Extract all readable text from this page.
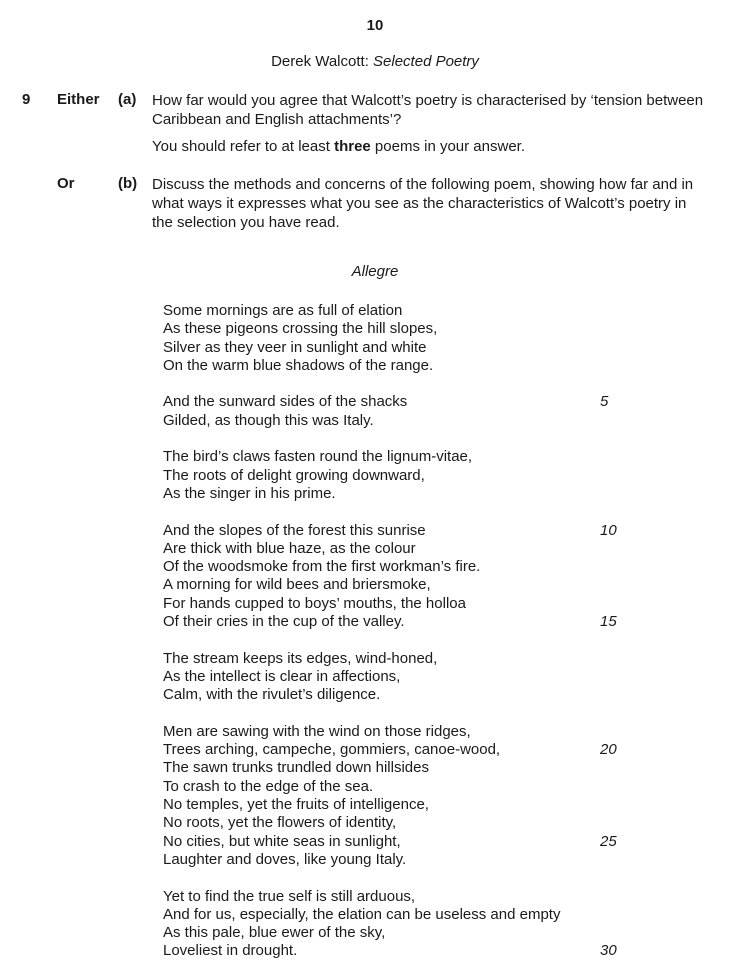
10
Derek Walcott: Selected Poetry
9 Either (a) How far would you agree that Walcott’s poetry is characterised by ‘tension between

Caribbean and English attachments’?

You should refer to at least three poems in your answer.

Or	(b) Discuss the methods and concerns of the following poem, showing how far and in

what ways it expresses what you see as the characteristics of Walcott’s poetry in

the selection you have read.

Allegre
Some mornings are as full of elation
As these pigeons crossing the hill slopes,
Silver as they veer in sunlight and white
On the warm blue shadows of the range.
And the sunward sides of the shacks	5
Gilded, as though this was Italy.
The bird’s claws fasten round the lignum-vitae,
The roots of delight growing downward,
As the singer in his prime.
And the slopes of the forest this sunrise	10
Are thick with blue haze, as the colour
Of the woodsmoke from the first workman’s fire.
A morning for wild bees and briersmoke,
For hands cupped to boys’ mouths, the holloa
Of their cries in the cup of the valley.	15
The stream keeps its edges, wind-honed,
As the intellect is clear in affections,
Calm, with the rivulet’s diligence.
Men are sawing with the wind on those ridges,
Trees arching, campeche, gommiers, canoe-wood,	20
The sawn trunks trundled down hillsides
To crash to the edge of the sea.
No temples, yet the fruits of intelligence,
No roots, yet the flowers of identity,
No cities, but white seas in sunlight,	25
Laughter and doves, like young Italy.
Yet to find the true self is still arduous,
And for us, especially, the elation can be useless and empty
As this pale, blue ewer of the sky,
Loveliest in drought.	30
